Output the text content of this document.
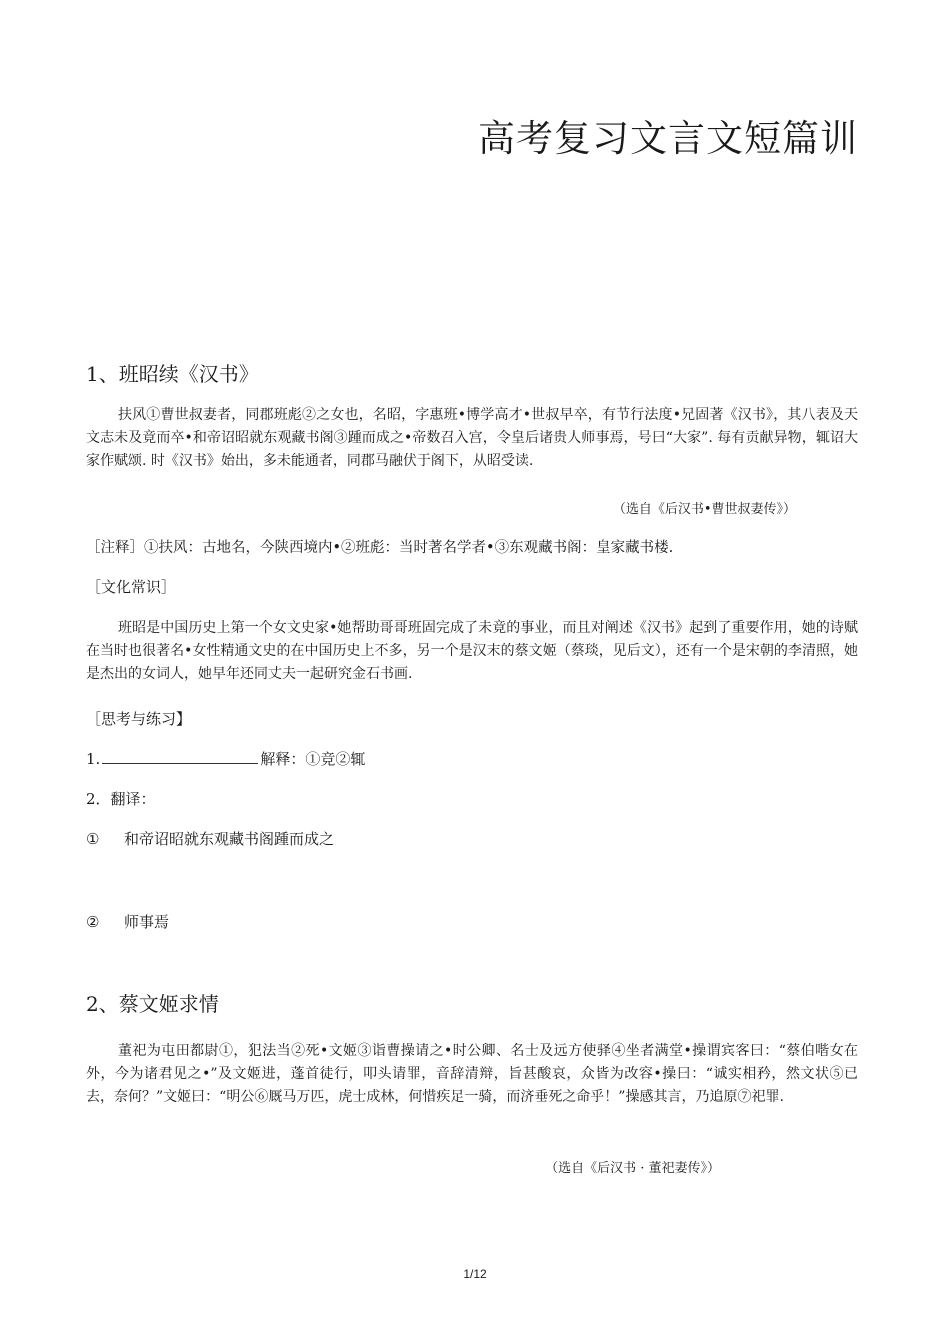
高考复习文言文短篇训
1、班昭续《汉书》

扶风①曹世叔妻者，同郡班彪②之女也，名昭，字惠班•博学高才•世叔早卒，有节行法度•兄固著《汉书》，其八表及天文志未及竟而卒•和帝诏昭就东观藏书阁③踵而成之•帝数召入宫，令皇后诸贵人师事焉，号曰“大家”. 每有贡献异物，辄诏大家作赋颂. 时《汉书》始出，多未能通者，同郡马融伏于阁下，从昭受读.

（选自《后汉书•曹世叔妻传》）
［注释］①扶风：古地名，今陕西境内•②班彪：当时著名学者•③东观藏书阁：皇家藏书楼.
［文化常识］

班昭是中国历史上第一个女文史家•她帮助哥哥班固完成了未竟的事业，而且对阐述《汉书》起到了重要作用，她的诗赋在当时也很著名•女性精通文史的在中国历史上不多，另一个是汉末的蔡文姬（蔡琰，见后文），还有一个是宋朝的李清照，她是杰出的女词人，她早年还同丈夫一起研究金石书画.

［思考与练习】
1.	解释：①竞②辄
2．翻译：
① 和帝诏昭就东观藏书阁踵而成之
② 师事焉
2、蔡文姬求情

董祀为屯田都尉①，犯法当②死•文姬③诣曹操请之•时公卿、名士及远方使驿④坐者满堂•操谓宾客曰：“蔡伯喈女在外，今为诸君见之•”及文姬进，蓬首徒行，叩头请罪，音辞清辩，旨甚酸哀，众皆为改容•操曰：“诚实相矜，然文状⑤已去，奈何？”文姬曰：“明公⑥厩马万匹，虎士成林，何惜疾足一骑，而济垂死之命乎！”操感其言，乃追原⑦祀罪.

（选自《后汉书 · 董祀妻传》）
1/12
